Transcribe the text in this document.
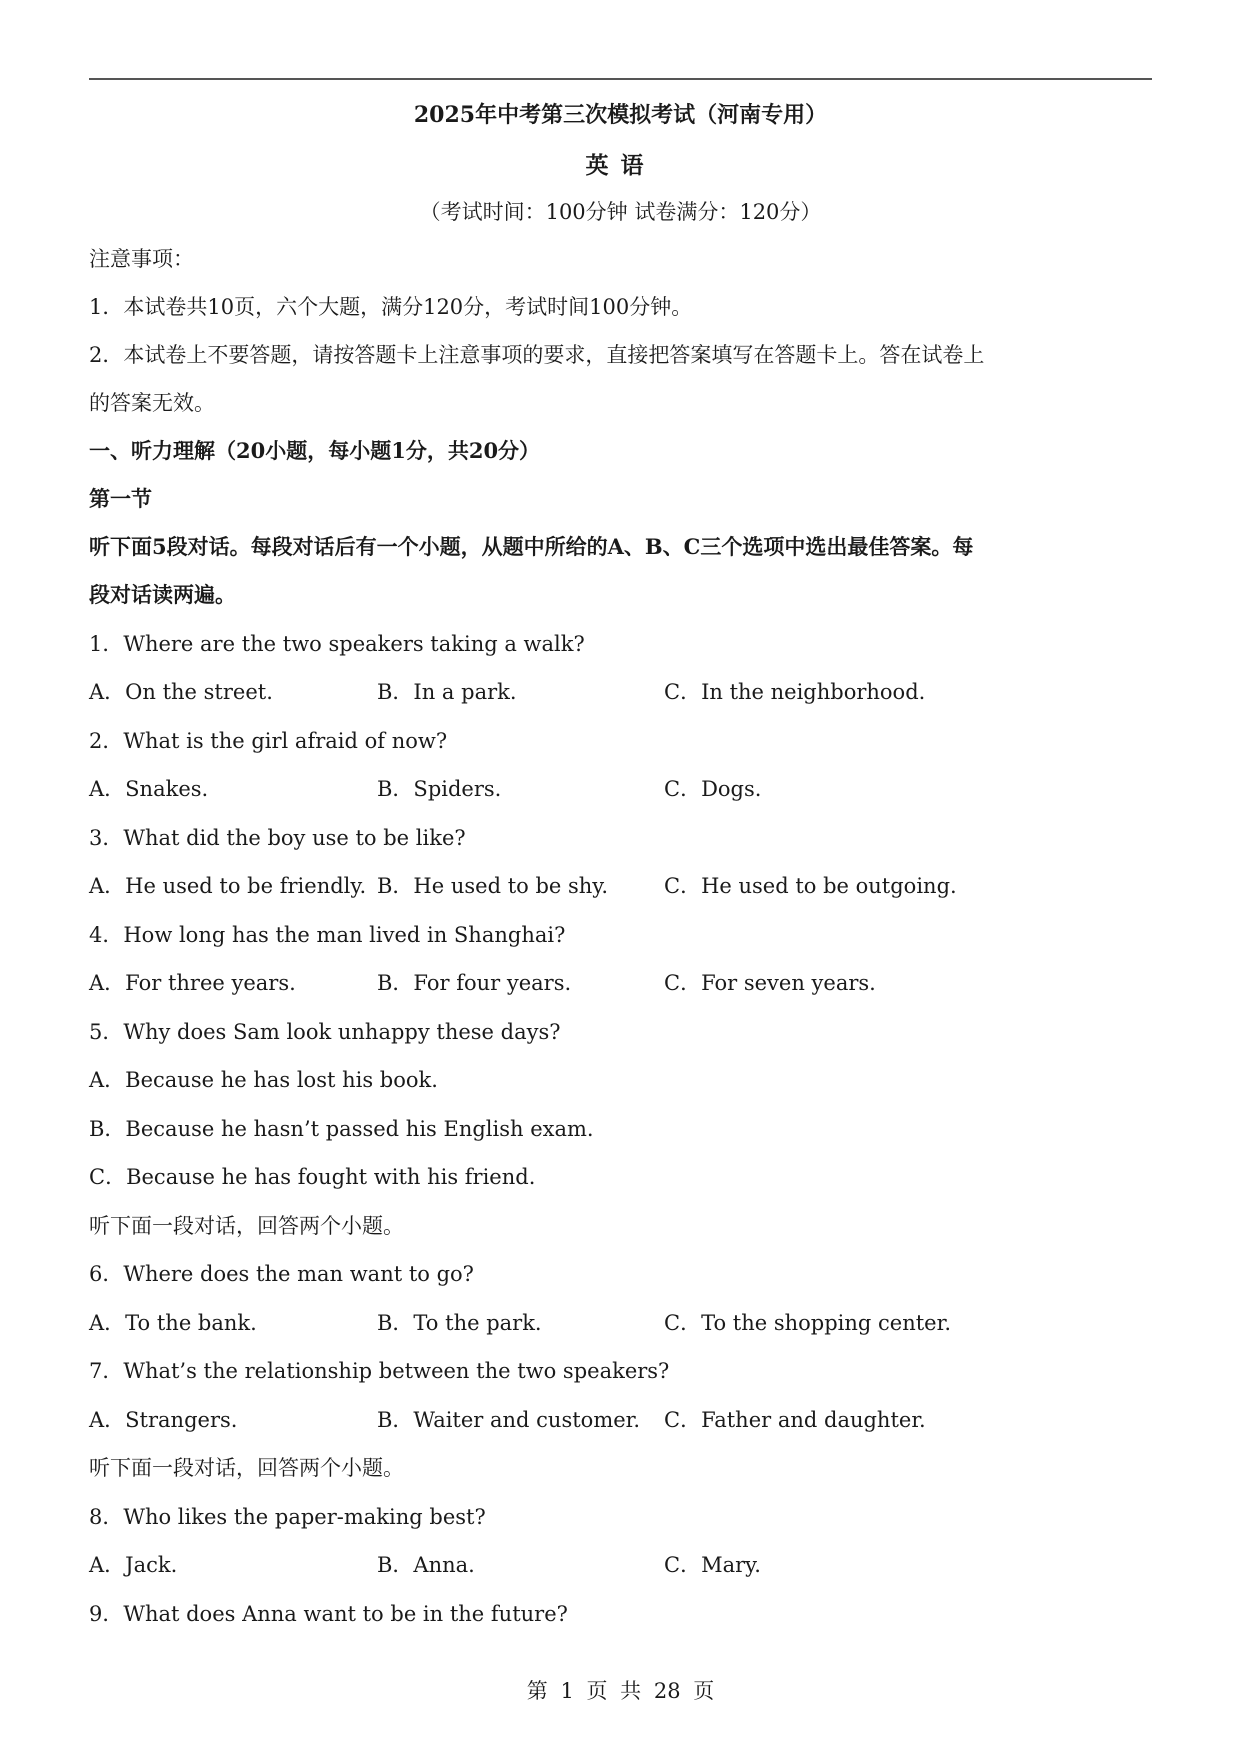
2025年中考第三次模拟考试（河南专用）
英语
（考试时间：100分钟 试卷满分：120分）
注意事项：
1．本试卷共10页，六个大题，满分120分，考试时间100分钟。
2．本试卷上不要答题，请按答题卡上注意事项的要求，直接把答案填写在答题卡上。答在试卷上
的答案无效。
一、听力理解（20小题，每小题1分，共20分）
第一节
听下面5段对话。每段对话后有一个小题，从题中所给的A、B、C三个选项中选出最佳答案。每
段对话读两遍。
1．Where are the two speakers taking a walk?
A．On the street.	B．In a park.	C．In the neighborhood.
2．What is the girl afraid of now?
A．Snakes.	B．Spiders.	C．Dogs.
3．What did the boy use to be like?
A．He used to be friendly. B．He used to be shy.	C．He used to be outgoing.
4．How long has the man lived in Shanghai?
A．For three years.	B．For four years.	C．For seven years.
5．Why does Sam look unhappy these days?
A．Because he has lost his book.
B．Because he hasn’t passed his English exam.
C．Because he has fought with his friend.
听下面一段对话，回答两个小题。
6．Where does the man want to go?
A．To the bank.	B．To the park.	C．To the shopping center.
7．What’s the relationship between the two speakers?
A．Strangers.	B．Waiter and customer. C．Father and daughter.
听下面一段对话，回答两个小题。
8．Who likes the paper-making best?
A．Jack.	B．Anna.	C．Mary.
9．What does Anna want to be in the future?
第 1 页 共 28 页
